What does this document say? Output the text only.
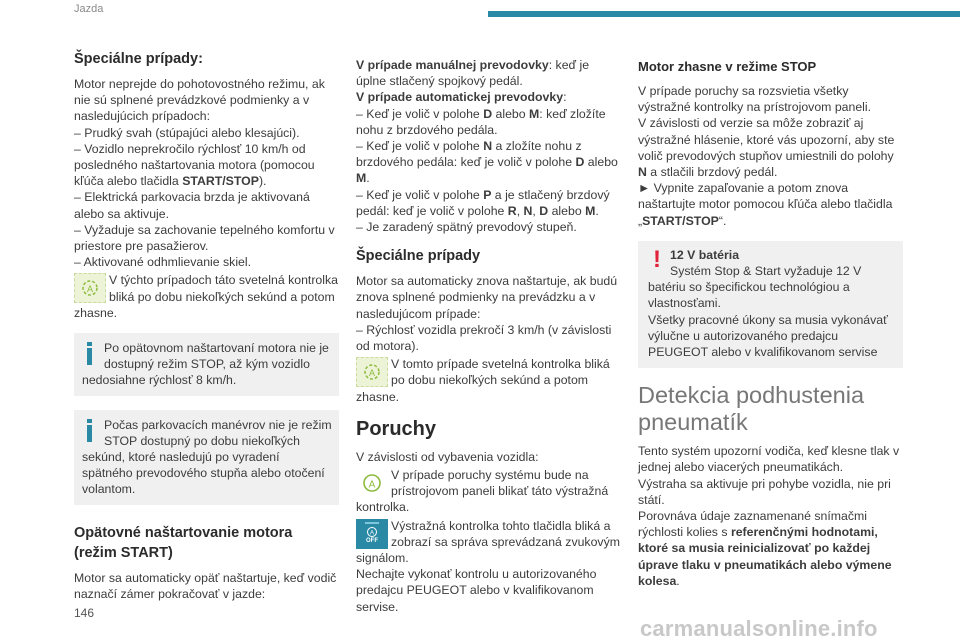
Jazda
Špeciálne prípady:

Motor neprejde do pohotovostného režimu, ak nie sú splnené prevádzkové podmienky a v nasledujúcich prípadoch:

– Prudký svah (stúpajúci alebo klesajúci).

– Vozidlo neprekročilo rýchlosť 10 km/h od posledného naštartovania motora (pomocou kľúča alebo tlačidla START/STOP).

– Elektrická parkovacia brzda je aktivovaná alebo sa aktivuje.

– Vyžaduje sa zachovanie tepelného komfortu v priestore pre pasažierov.

– Aktivované odhmlievanie skiel.

A
V týchto prípadoch táto svetelná kontrolka bliká po dobu niekoľkých sekúnd a potom zhasne.
Po opätovnom naštartovaní motora nie je dostupný režim STOP, až kým vozidlo nedosiahne rýchlosť 8 km/h.
Počas parkovacích manévrov nie je režim STOP dostupný po dobu niekoľkých sekúnd, ktoré nasledujú po vyradení spätného prevodového stupňa alebo otočení volantom.
Opätovné naštartovanie motora (režim START)

Motor sa automaticky opäť naštartuje, keď vodič naznačí zámer pokračovať v jazde:

V prípade manuálnej prevodovky: keď je úplne stlačený spojkový pedál.

V prípade automatickej prevodovky:

– Keď je volič v polohe D alebo M: keď zložíte nohu z brzdového pedála.

– Keď je volič v polohe N a zložíte nohu z brzdového pedála: keď je volič v polohe D alebo M.

– Keď je volič v polohe P a je stlačený brzdový pedál: keď je volič v polohe R, N, D alebo M.

– Je zaradený spätný prevodový stupeň.

Špeciálne prípady

Motor sa automaticky znova naštartuje, ak budú znova splnené podmienky na prevádzku a v nasledujúcom prípade:

– Rýchlosť vozidla prekročí 3 km/h (v závislosti od motora).

A
V tomto prípade svetelná kontrolka bliká po dobu niekoľkých sekúnd a potom zhasne.
Poruchy

V závislosti od vybavenia vozidla:

A
V prípade poruchy systému bude na prístrojovom paneli blikať táto výstražná kontrolka.
A
OFF
Výstražná kontrolka tohto tlačidla bliká a zobrazí sa správa sprevádzaná zvukovým signálom.

Nechajte vykonať kontrolu u autorizovaného predajcu PEUGEOT alebo v kvalifikovanom servise.

Motor zhasne v režime STOP

V prípade poruchy sa rozsvietia všetky výstražné kontrolky na prístrojovom paneli.

V závislosti od verzie sa môže zobraziť aj výstražné hlásenie, ktoré vás upozorní, aby ste volič prevodových stupňov umiestnili do polohy N a stlačili brzdový pedál.

► Vypnite zapaľovanie a potom znova naštartujte motor pomocou kľúča alebo tlačidla „START/STOP“.

! 12 V batéria
Systém Stop & Start vyžaduje 12 V batériu so špecifickou technológiou a vlastnosťami.
Všetky pracovné úkony sa musia vykonávať výlučne u autorizovaného predajcu PEUGEOT alebo v kvalifikovanom servise
Detekcia podhustenia pneumatík

Tento systém upozorní vodiča, keď klesne tlak v jednej alebo viacerých pneumatikách.

Výstraha sa aktivuje pri pohybe vozidla, nie pri státí.

Porovnáva údaje zaznamenané snímačmi rýchlosti kolies s referenčnými hodnotami, ktoré sa musia reinicializovať po každej úprave tlaku v pneumatikách alebo výmene kolesa.

146
carmanualsonline.info
